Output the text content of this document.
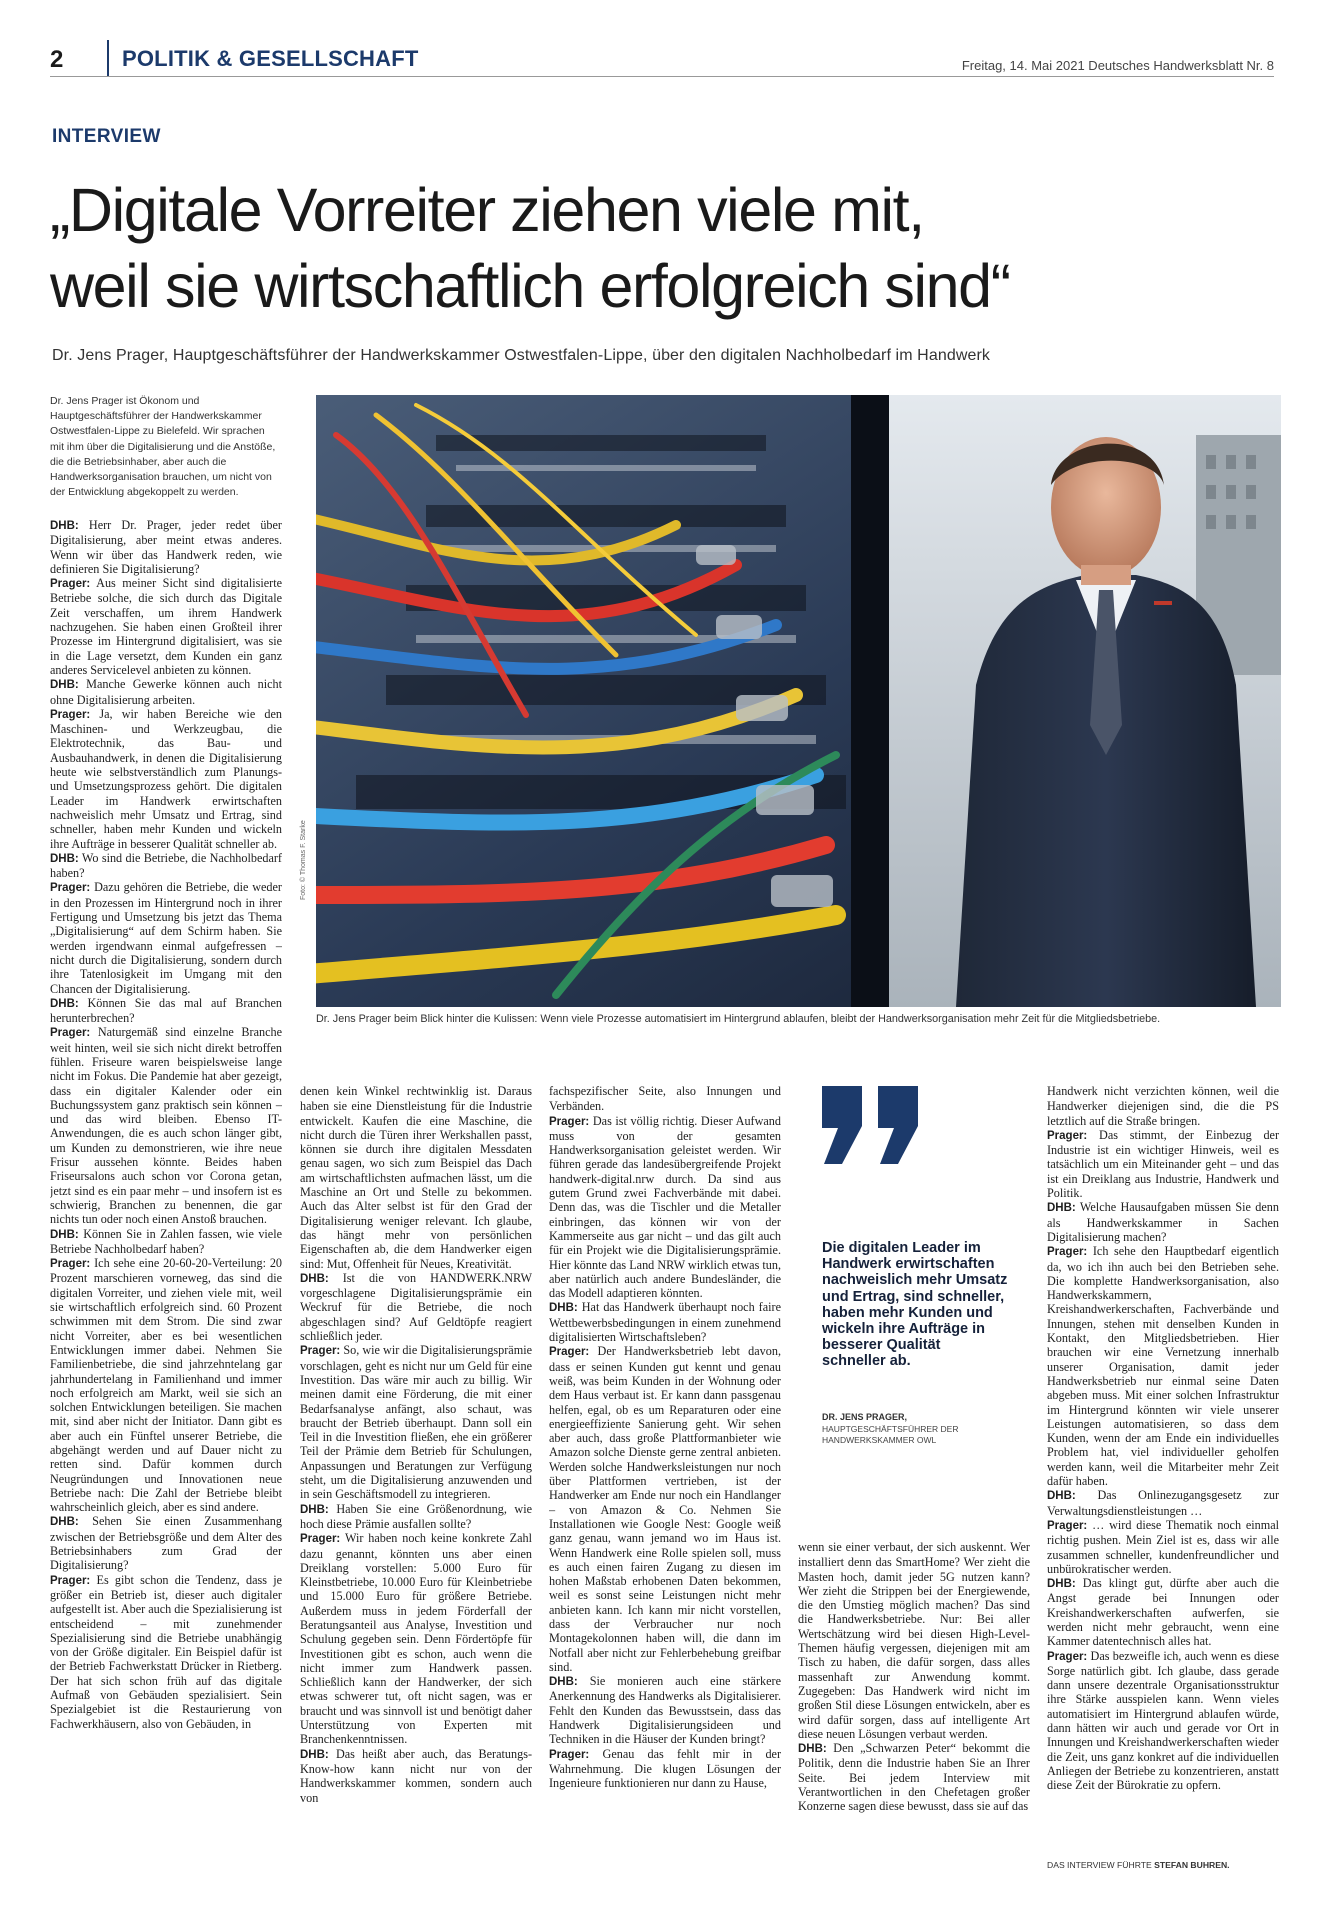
2	POLITIK & GESELLSCHAFT	Freitag, 14. Mai 2021 Deutsches Handwerksblatt Nr. 8
INTERVIEW
„Digitale Vorreiter ziehen viele mit,
weil sie wirtschaftlich erfolgreich sind“
Dr. Jens Prager, Hauptgeschäftsführer der Handwerkskammer Ostwestfalen-Lippe, über den digitalen Nachholbedarf im Handwerk
Dr. Jens Prager ist Ökonom und Hauptgeschäftsführer der Handwerkskammer Ostwestfalen-Lippe zu Bielefeld. Wir sprachen mit ihm über die Digitalisierung und die Anstöße, die die Betriebsinhaber, aber auch die Handwerksorganisation brauchen, um nicht von der Entwicklung abgekoppelt zu werden.
Foto: © Thomas F. Starke
Dr. Jens Prager beim Blick hinter die Kulissen: Wenn viele Prozesse automatisiert im Hintergrund ablaufen, bleibt der Handwerksorganisation mehr Zeit für die Mitgliedsbetriebe.

DHB: Herr Dr. Prager, jeder redet über Digitalisierung, aber meint etwas anderes. Wenn wir über das Handwerk reden, wie definieren Sie Digitalisierung?

Prager: Aus meiner Sicht sind digitalisierte Betriebe solche, die sich durch das Digitale Zeit verschaffen, um ihrem Handwerk nachzugehen. Sie haben einen Großteil ihrer Prozesse im Hintergrund digitalisiert, was sie in die Lage versetzt, dem Kunden ein ganz anderes Servicelevel anbieten zu können.

DHB: Manche Gewerke können auch nicht ohne Digitalisierung arbeiten.

Prager: Ja, wir haben Bereiche wie den Maschinen- und Werkzeugbau, die Elektrotechnik, das Bau- und Ausbauhandwerk, in denen die Digitalisierung heute wie selbstverständlich zum Planungs- und Umsetzungsprozess gehört. Die digitalen Leader im Handwerk erwirtschaften nachweislich mehr Umsatz und Ertrag, sind schneller, haben mehr Kunden und wickeln ihre Aufträge in besserer Qualität schneller ab.

DHB: Wo sind die Betriebe, die Nachholbedarf haben?

Prager: Dazu gehören die Betriebe, die weder in den Prozessen im Hintergrund noch in ihrer Fertigung und Umsetzung bis jetzt das Thema „Digitalisierung“ auf dem Schirm haben. Sie werden irgendwann einmal aufgefressen – nicht durch die Digitalisierung, sondern durch ihre Tatenlosigkeit im Umgang mit den Chancen der Digitalisierung.

DHB: Können Sie das mal auf Branchen herunterbrechen?

Prager: Naturgemäß sind einzelne Branche weit hinten, weil sie sich nicht direkt betroffen fühlen. Friseure waren beispielsweise lange nicht im Fokus. Die Pandemie hat aber gezeigt, dass ein digitaler Kalender oder ein Buchungssystem ganz praktisch sein können – und das wird bleiben. Ebenso IT-Anwendungen, die es auch schon länger gibt, um Kunden zu demonstrieren, wie ihre neue Frisur aussehen könnte. Beides haben Friseursalons auch schon vor Corona getan, jetzt sind es ein paar mehr – und insofern ist es schwierig, Branchen zu benennen, die gar nichts tun oder noch einen Anstoß brauchen.

DHB: Können Sie in Zahlen fassen, wie viele Betriebe Nachholbedarf haben?

Prager: Ich sehe eine 20-60-20-Verteilung: 20 Prozent marschieren vorneweg, das sind die digitalen Vorreiter, und ziehen viele mit, weil sie wirtschaftlich erfolgreich sind. 60 Prozent schwimmen mit dem Strom. Die sind zwar nicht Vorreiter, aber es bei wesentlichen Entwicklungen immer dabei. Nehmen Sie Familienbetriebe, die sind jahrzehntelang gar jahrhundertelang in Familienhand und immer noch erfolgreich am Markt, weil sie sich an solchen Entwicklungen beteiligen. Sie machen mit, sind aber nicht der Initiator. Dann gibt es aber auch ein Fünftel unserer Betriebe, die abgehängt werden und auf Dauer nicht zu retten sind. Dafür kommen durch Neugründungen und Innovationen neue Betriebe nach: Die Zahl der Betriebe bleibt wahrscheinlich gleich, aber es sind andere.

DHB: Sehen Sie einen Zusammenhang zwischen der Betriebsgröße und dem Alter des Betriebsinhabers zum Grad der Digitalisierung?

Prager: Es gibt schon die Tendenz, dass je größer ein Betrieb ist, dieser auch digitaler aufgestellt ist. Aber auch die Spezialisierung ist entscheidend – mit zunehmender Spezialisierung sind die Betriebe unabhängig von der Größe digitaler. Ein Beispiel dafür ist der Betrieb Fachwerkstatt Drücker in Rietberg. Der hat sich schon früh auf das digitale Aufmaß von Gebäuden spezialisiert. Sein Spezialgebiet ist die Restaurierung von Fachwerkhäusern, also von Gebäuden, in

denen kein Winkel rechtwinklig ist. Daraus haben sie eine Dienstleistung für die Industrie entwickelt. Kaufen die eine Maschine, die nicht durch die Türen ihrer Werkshallen passt, können sie durch ihre digitalen Messdaten genau sagen, wo sich zum Beispiel das Dach am wirtschaftlichsten aufmachen lässt, um die Maschine an Ort und Stelle zu bekommen. Auch das Alter selbst ist für den Grad der Digitalisierung weniger relevant. Ich glaube, das hängt mehr von persönlichen Eigenschaften ab, die dem Handwerker eigen sind: Mut, Offenheit für Neues, Kreativität.

DHB: Ist die von HANDWERK.NRW vorgeschlagene Digitalisierungsprämie ein Weckruf für die Betriebe, die noch abgeschlagen sind? Auf Geldtöpfe reagiert schließlich jeder.

Prager: So, wie wir die Digitalisierungsprämie vorschlagen, geht es nicht nur um Geld für eine Investition. Das wäre mir auch zu billig. Wir meinen damit eine Förderung, die mit einer Bedarfsanalyse anfängt, also schaut, was braucht der Betrieb überhaupt. Dann soll ein Teil in die Investition fließen, ehe ein größerer Teil der Prämie dem Betrieb für Schulungen, Anpassungen und Beratungen zur Verfügung steht, um die Digitalisierung anzuwenden und in sein Geschäftsmodell zu integrieren.

DHB: Haben Sie eine Größenordnung, wie hoch diese Prämie ausfallen sollte?

Prager: Wir haben noch keine konkrete Zahl dazu genannt, könnten uns aber einen Dreiklang vorstellen: 5.000 Euro für Kleinstbetriebe, 10.000 Euro für Kleinbetriebe und 15.000 Euro für größere Betriebe. Außerdem muss in jedem Förderfall der Beratungsanteil aus Analyse, Investition und Schulung gegeben sein. Denn Fördertöpfe für Investitionen gibt es schon, auch wenn die nicht immer zum Handwerk passen. Schließlich kann der Handwerker, der sich etwas schwerer tut, oft nicht sagen, was er braucht und was sinnvoll ist und benötigt daher Unterstützung von Experten mit Branchenkenntnissen.

DHB: Das heißt aber auch, das Beratungs-Know-how kann nicht nur von der Handwerkskammer kommen, sondern auch von

fachspezifischer Seite, also Innungen und Verbänden.

Prager: Das ist völlig richtig. Dieser Aufwand muss von der gesamten Handwerksorganisation geleistet werden. Wir führen gerade das landesübergreifende Projekt handwerk-digital.nrw durch. Da sind aus gutem Grund zwei Fachverbände mit dabei. Denn das, was die Tischler und die Metaller einbringen, das können wir von der Kammerseite aus gar nicht – und das gilt auch für ein Projekt wie die Digitalisierungsprämie. Hier könnte das Land NRW wirklich etwas tun, aber natürlich auch andere Bundesländer, die das Modell adaptieren könnten.

DHB: Hat das Handwerk überhaupt noch faire Wettbewerbsbedingungen in einem zunehmend digitalisierten Wirtschaftsleben?

Prager: Der Handwerksbetrieb lebt davon, dass er seinen Kunden gut kennt und genau weiß, was beim Kunden in der Wohnung oder dem Haus verbaut ist. Er kann dann passgenau helfen, egal, ob es um Reparaturen oder eine energieeffiziente Sanierung geht. Wir sehen aber auch, dass große Plattformanbieter wie Amazon solche Dienste gerne zentral anbieten. Werden solche Handwerksleistungen nur noch über Plattformen vertrieben, ist der Handwerker am Ende nur noch ein Handlanger – von Amazon & Co. Nehmen Sie Installationen wie Google Nest: Google weiß ganz genau, wann jemand wo im Haus ist. Wenn Handwerk eine Rolle spielen soll, muss es auch einen fairen Zugang zu diesen im hohen Maßstab erhobenen Daten bekommen, weil es sonst seine Leistungen nicht mehr anbieten kann. Ich kann mir nicht vorstellen, dass der Verbraucher nur noch Montagekolonnen haben will, die dann im Notfall aber nicht zur Fehlerbehebung greifbar sind.

DHB: Sie monieren auch eine stärkere Anerkennung des Handwerks als Digitalisierer. Fehlt den Kunden das Bewusstsein, dass das Handwerk Digitalisierungsideen und Techniken in die Häuser der Kunden bringt?

Prager: Genau das fehlt mir in der Wahrnehmung. Die klugen Lösungen der Ingenieure funktionieren nur dann zu Hause,

wenn sie einer verbaut, der sich auskennt. Wer installiert denn das SmartHome? Wer zieht die Masten hoch, damit jeder 5G nutzen kann? Wer zieht die Strippen bei der Energiewende, die den Umstieg möglich machen? Das sind die Handwerksbetriebe. Nur: Bei aller Wertschätzung wird bei diesen High-Level-Themen häufig vergessen, diejenigen mit am Tisch zu haben, die dafür sorgen, dass alles massenhaft zur Anwendung kommt. Zugegeben: Das Handwerk wird nicht im großen Stil diese Lösungen entwickeln, aber es wird dafür sorgen, dass auf intelligente Art diese neuen Lösungen verbaut werden.

DHB: Den „Schwarzen Peter“ bekommt die Politik, denn die Industrie haben Sie an Ihrer Seite. Bei jedem Interview mit Verantwortlichen in den Chefetagen großer Konzerne sagen diese bewusst, dass sie auf das

Handwerk nicht verzichten können, weil die Handwerker diejenigen sind, die die PS letztlich auf die Straße bringen.

Prager: Das stimmt, der Einbezug der Industrie ist ein wichtiger Hinweis, weil es tatsächlich um ein Miteinander geht – und das ist ein Dreiklang aus Industrie, Handwerk und Politik.

DHB: Welche Hausaufgaben müssen Sie denn als Handwerkskammer in Sachen Digitalisierung machen?

Prager: Ich sehe den Hauptbedarf eigentlich da, wo ich ihn auch bei den Betrieben sehe. Die komplette Handwerksorganisation, also Handwerkskammern, Kreishandwerkerschaften, Fachverbände und Innungen, stehen mit denselben Kunden in Kontakt, den Mitgliedsbetrieben. Hier brauchen wir eine Vernetzung innerhalb unserer Organisation, damit jeder Handwerksbetrieb nur einmal seine Daten abgeben muss. Mit einer solchen Infrastruktur im Hintergrund könnten wir viele unserer Leistungen automatisieren, so dass dem Kunden, wenn der am Ende ein individuelles Problem hat, viel individueller geholfen werden kann, weil die Mitarbeiter mehr Zeit dafür haben.

DHB: Das Onlinezugangsgesetz zur Verwaltungsdienstleistungen …

Prager: … wird diese Thematik noch einmal richtig pushen. Mein Ziel ist es, dass wir alle zusammen schneller, kundenfreundlicher und unbürokratischer werden.

DHB: Das klingt gut, dürfte aber auch die Angst gerade bei Innungen oder Kreishandwerkerschaften aufwerfen, sie werden nicht mehr gebraucht, wenn eine Kammer datentechnisch alles hat.

Prager: Das bezweifle ich, auch wenn es diese Sorge natürlich gibt. Ich glaube, dass gerade dann unsere dezentrale Organisationsstruktur ihre Stärke ausspielen kann. Wenn vieles automatisiert im Hintergrund ablaufen würde, dann hätten wir auch und gerade vor Ort in Innungen und Kreishandwerkerschaften wieder die Zeit, uns ganz konkret auf die individuellen Anliegen der Betriebe zu konzentrieren, anstatt diese Zeit der Bürokratie zu opfern.

Die digitalen Leader im Handwerk erwirtschaften nachweislich mehr Umsatz und Ertrag, sind schneller, haben mehr Kunden und wickeln ihre Aufträge in besserer Qualität schneller ab.
DR. JENS PRAGER,
HAUPTGESCHÄFTSFÜHRER DER HANDWERKSKAMMER OWL
DAS INTERVIEW FÜHRTE STEFAN BUHREN.
